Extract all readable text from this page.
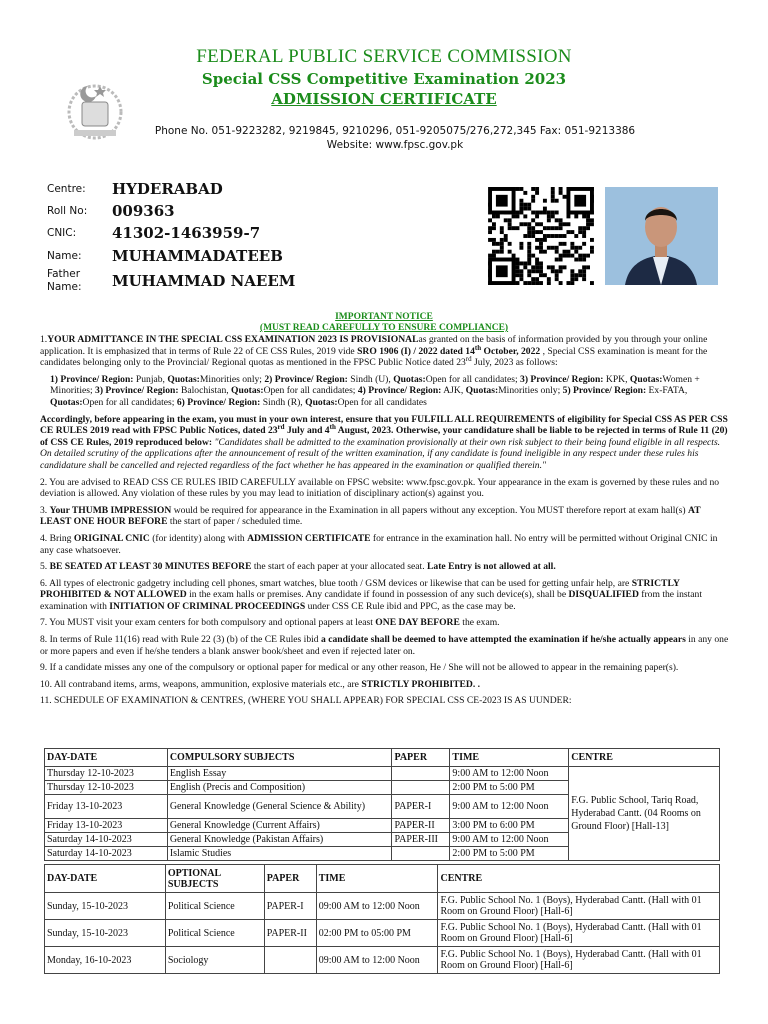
FEDERAL PUBLIC SERVICE COMMISSION
Special CSS Competitive Examination 2023
ADMISSION CERTIFICATE
Phone No. 051-9223282, 9219845, 9210296, 051-9205075/276,272,345 Fax: 051-9213386 Website: www.fpsc.gov.pk
IMPORTANT NOTICE
(MUST READ CAREFULLY TO ENSURE COMPLIANCE)

1.YOUR ADMITTANCE IN THE SPECIAL CSS EXAMINATION 2023 IS PROVISIONALas granted on the basis of information provided by you through your online application. It is emphasized that in terms of Rule 22 of CE CSS Rules, 2019 vide SRO 1906 (I) / 2022 dated 14th October, 2022 , Special CSS examination is meant for the candidates belonging only to the Provincial/ Regional quotas as mentioned in the FPSC Public Notice dated 23rd July, 2023 as follows:

1) Province/ Region: Punjab, Quotas:Minorities only; 2) Province/ Region: Sindh (U), Quotas:Open for all candidates; 3) Province/ Region: KPK, Quotas:Women + Minorities; 3) Province/ Region: Balochistan, Quotas:Open for all candidates; 4) Province/ Region: AJK, Quotas:Minorities only; 5) Province/ Region: Ex-FATA, Quotas:Open for all candidates; 6) Province/ Region: Sindh (R), Quotas:Open for all candidates

Accordingly, before appearing in the exam, you must in your own interest, ensure that you FULFILL ALL REQUIREMENTS of eligibility for Special CSS AS PER CSS CE RULES 2019 read with FPSC Public Notices, dated 23rd July and 4th August, 2023. Otherwise, your candidature shall be liable to be rejected in terms of Rule 11 (20) of CSS CE Rules, 2019 reproduced below: "Candidates shall be admitted to the examination provisionally at their own risk subject to their being found eligible in all respects. On detailed scrutiny of the applications after the announcement of result of the written examination, if any candidate is found ineligible in any respect under these rules his candidature shall be cancelled and rejected regardless of the fact whether he has appeared in the examination or qualified therein."

2. You are advised to READ CSS CE RULES IBID CAREFULLY available on FPSC website: www.fpsc.gov.pk. Your appearance in the exam is governed by these rules and no deviation is allowed. Any violation of these rules by you may lead to initiation of disciplinary action(s) against you.

3. Your THUMB IMPRESSION would be required for appearance in the Examination in all papers without any exception. You MUST therefore report at exam hall(s) AT LEAST ONE HOUR BEFORE the start of paper / scheduled time.

4. Bring ORIGINAL CNIC (for identity) along with ADMISSION CERTIFICATE for entrance in the examination hall. No entry will be permitted without Original CNIC in any case whatsoever.

5. BE SEATED AT LEAST 30 MINUTES BEFORE the start of each paper at your allocated seat. Late Entry is not allowed at all.

6. All types of electronic gadgetry including cell phones, smart watches, blue tooth / GSM devices or likewise that can be used for getting unfair help, are STRICTLY PROHIBITED & NOT ALLOWED in the exam halls or premises. Any candidate if found in possession of any such device(s), shall be DISQUALIFIED from the instant examination with INITIATION OF CRIMINAL PROCEEDINGS under CSS CE Rule ibid and PPC, as the case may be.

7. You MUST visit your exam centers for both compulsory and optional papers at least ONE DAY BEFORE the exam.

8. In terms of Rule 11(16) read with Rule 22 (3) (b) of the CE Rules ibid a candidate shall be deemed to have attempted the examination if he/she actually appears in any one or more papers and even if he/she tenders a blank answer book/sheet and even if rejected later on.

9. If a candidate misses any one of the compulsory or optional paper for medical or any other reason, He / She will not be allowed to appear in the remaining paper(s).

10. All contraband items, arms, weapons, ammunition, explosive materials etc., are STRICTLY PROHIBITED. .

11. SCHEDULE OF EXAMINATION & CENTRES, (WHERE YOU SHALL APPEAR) FOR SPECIAL CSS CE-2023 IS AS UUNDER:

DAY-DATE	COMPULSORY SUBJECTS	PAPER	TIME	CENTRE
Thursday 12-10-2023	English Essay		9:00 AM to 12:00 Noon	F.G. Public School, Tariq Road, Hyderabad Cantt. (04 Rooms on Ground Floor) [Hall-13]
Thursday 12-10-2023	English (Precis and Composition)		2:00 PM to 5:00 PM	
Friday 13-10-2023	General Knowledge (General Science & Ability)	PAPER-I	9:00 AM to 12:00 Noon	
Friday 13-10-2023	General Knowledge (Current Affairs)	PAPER-II	3:00 PM to 6:00 PM	
Saturday 14-10-2023	General Knowledge (Pakistan Affairs)	PAPER-III	9:00 AM to 12:00 Noon	
Saturday 14-10-2023	Islamic Studies		2:00 PM to 5:00 PM	
DAY-DATE	OPTIONAL SUBJECTS	PAPER	TIME	CENTRE
Sunday, 15-10-2023	Political Science	PAPER-I	09:00 AM to 12:00 Noon	F.G. Public School No. 1 (Boys), Hyderabad Cantt. (Hall with 01 Room on Ground Floor) [Hall-6]
Sunday, 15-10-2023	Political Science	PAPER-II	02:00 PM to 05:00 PM	F.G. Public School No. 1 (Boys), Hyderabad Cantt. (Hall with 01 Room on Ground Floor) [Hall-6]
Monday, 16-10-2023	Sociology		09:00 AM to 12:00 Noon	F.G. Public School No. 1 (Boys), Hyderabad Cantt. (Hall with 01 Room on Ground Floor) [Hall-6]
Centre: HYDERABAD
Roll No: 009363
CNIC: 41302-1463959-7
Name: MUHAMMADATEEB
Father Name:	MUHAMMAD NAEEM
